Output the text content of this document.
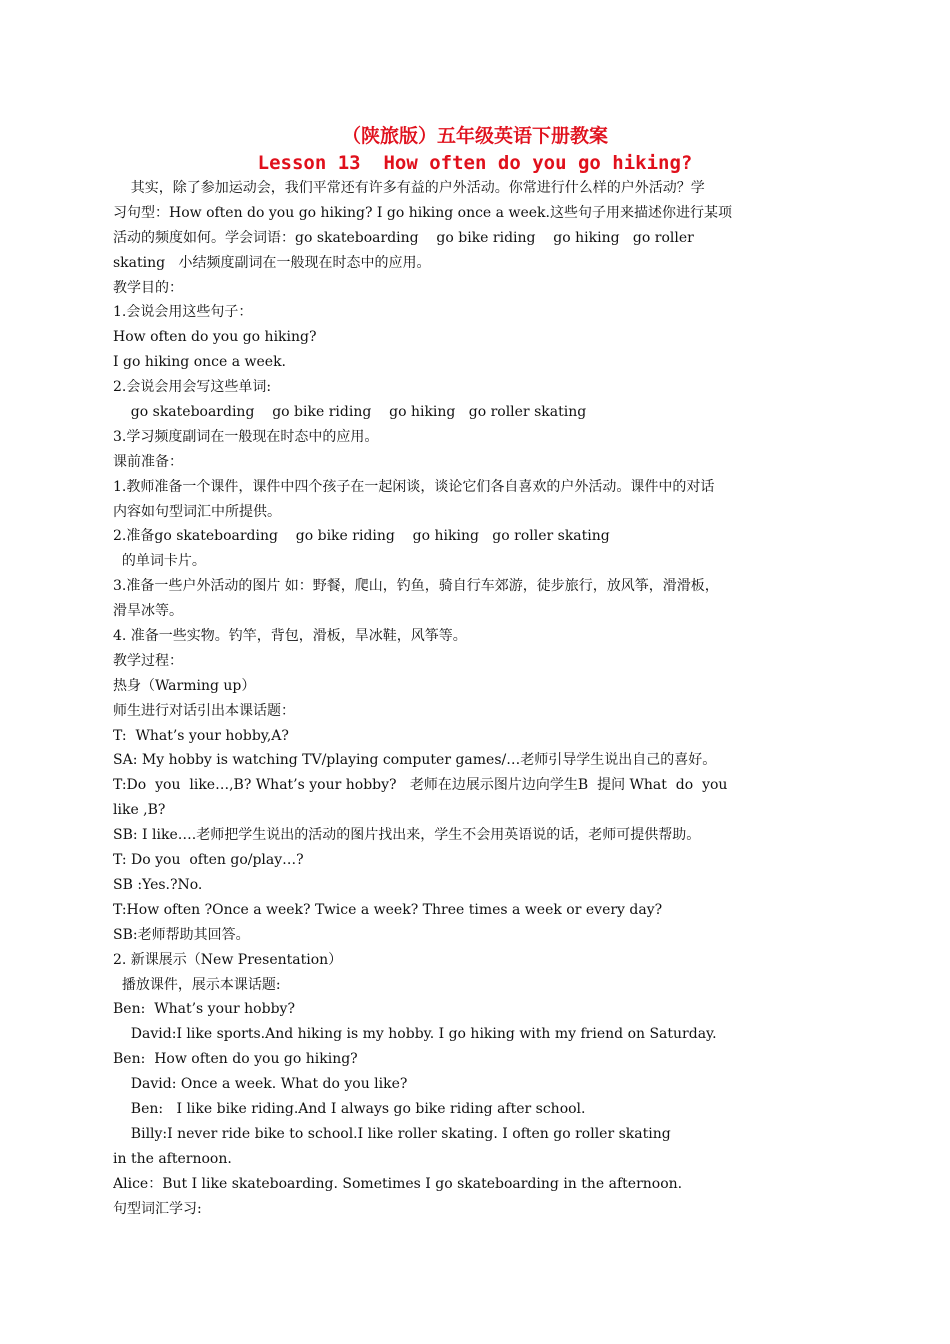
（陕旅版）五年级英语下册教案
Lesson 13  How often do you go hiking?
其实，除了参加运动会，我们平常还有许多有益的户外活动。你常进行什么样的户外活动？学
习句型：How often do you go hiking? I go hiking once a week.这些句子用来描述你进行某项
活动的频度如何。学会词语：go skateboarding    go bike riding    go hiking   go roller
skating   小结频度副词在一般现在时态中的应用。
教学目的：
1.会说会用这些句子：
How often do you go hiking?
I go hiking once a week.
2.会说会用会写这些单词:
go skateboarding    go bike riding    go hiking   go roller skating
3.学习频度副词在一般现在时态中的应用。
课前准备：
1.教师准备一个课件，课件中四个孩子在一起闲谈，谈论它们各自喜欢的户外活动。课件中的对话
内容如句型词汇中所提供。
2.准备go skateboarding    go bike riding    go hiking   go roller skating
的单词卡片。
3.准备一些户外活动的图片 如：野餐，爬山，钓鱼，骑自行车郊游，徒步旅行，放风筝，滑滑板，
滑旱冰等。
4. 准备一些实物。钓竿，背包，滑板，旱冰鞋，风筝等。
教学过程：
热身（Warming up）
师生进行对话引出本课话题：
T:  What’s your hobby,A?
SA: My hobby is watching TV/playing computer games/…老师引导学生说出自己的喜好。
T:Do  you  like…,B? What’s your hobby?   老师在边展示图片边向学生B  提问 What  do  you
like ,B?
SB: I like….老师把学生说出的活动的图片找出来，学生不会用英语说的话，老师可提供帮助。
T: Do you  often go/play…?
SB :Yes.?No.
T:How often ?Once a week? Twice a week? Three times a week or every day?
SB:老师帮助其回答。
2. 新课展示（New Presentation）
播放课件，展示本课话题:
Ben:  What’s your hobby?
David:I like sports.And hiking is my hobby. I go hiking with my friend on Saturday.
Ben:  How often do you go hiking?
David: Once a week. What do you like?
Ben:   I like bike riding.And I always go bike riding after school.
Billy:I never ride bike to school.I like roller skating. I often go roller skating
in the afternoon.
Alice：But I like skateboarding. Sometimes I go skateboarding in the afternoon.
句型词汇学习:
